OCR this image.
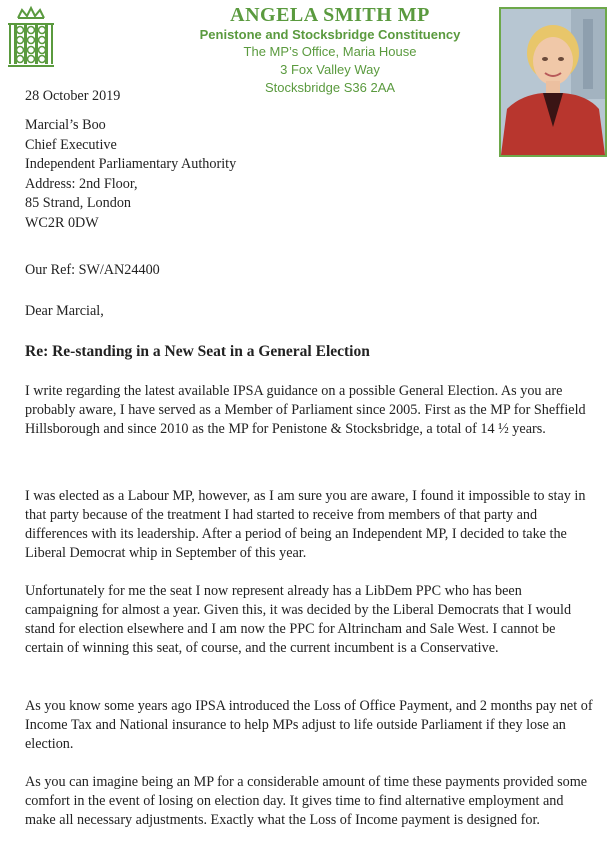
ANGELA SMITH MP
Penistone and Stocksbridge Constituency
The MP’s Office, Maria House
3 Fox Valley Way
Stocksbridge S36 2AA
28 October 2019
Marcial’s Boo
Chief Executive
Independent Parliamentary Authority
Address: 2nd Floor,
85 Strand, London
WC2R 0DW
Our Ref: SW/AN24400
Dear Marcial,
Re: Re-standing in a New Seat in a General Election

I write regarding the latest available IPSA guidance on a possible General Election. As you are probably aware, I have served as a Member of Parliament since 2005. First as the MP for Sheffield Hillsborough and since 2010 as the MP for Penistone & Stocksbridge, a total of 14 ½ years.

I was elected as a Labour MP, however, as I am sure you are aware, I found it impossible to stay in that party because of the treatment I had started to receive from members of that party and differences with its leadership. After a period of being an Independent MP, I decided to take the Liberal Democrat whip in September of this year.

Unfortunately for me the seat I now represent already has a LibDem PPC who has been campaigning for almost a year. Given this, it was decided by the Liberal Democrats that I would stand for election elsewhere and I am now the PPC for Altrincham and Sale West. I cannot be certain of winning this seat, of course, and the current incumbent is a Conservative.

As you know some years ago IPSA introduced the Loss of Office Payment, and 2 months pay net of Income Tax and National insurance to help MPs adjust to life outside Parliament if they lose an election.

As you can imagine being an MP for a considerable amount of time these payments provided some comfort in the event of losing on election day. It gives time to find alternative employment and make all necessary adjustments. Exactly what the Loss of Income payment is designed for.
